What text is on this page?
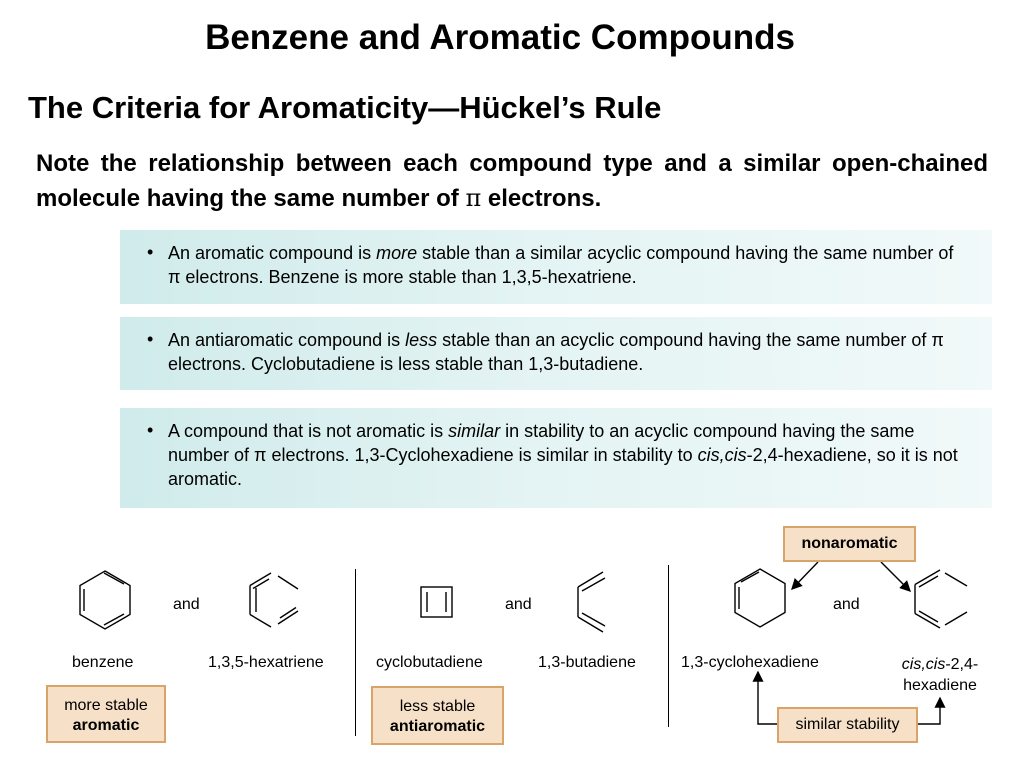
Benzene and Aromatic Compounds
The Criteria for Aromaticity—Hückel’s Rule
Note the relationship between each compound type and a similar open-chained molecule having the same number of π electrons.
• An aromatic compound is more stable than a similar acyclic compound having the same number of π electrons. Benzene is more stable than 1,3,5-hexatriene.
• An antiaromatic compound is less stable than an acyclic compound having the same number of π electrons. Cyclobutadiene is less stable than 1,3-butadiene.
• A compound that is not aromatic is similar in stability to an acyclic compound having the same number of π electrons. 1,3-Cyclohexadiene is similar in stability to cis,cis-2,4-hexadiene, so it is not aromatic.
and	and	and
benzene	1,3,5-hexatriene	cyclobutadiene	1,3-butadiene	1,3-cyclohexadiene	cis,cis-2,4-
hexadiene
more stable
aromatic
less stable
antiaromatic
nonaromatic
similar stability
